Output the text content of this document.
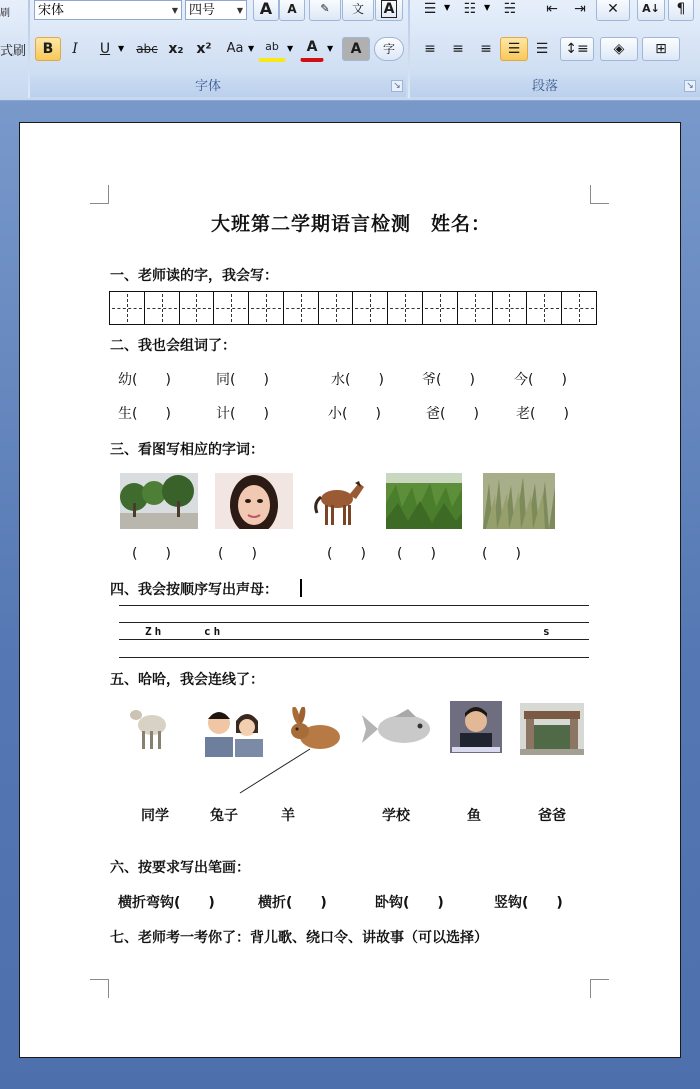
刷
式刷
宋体	▼ 四号	▼	A	A	✎	文	A
B	I	U ▼	abc x₂ x²	Aa ▼ ab	▼ A	▼	A	字
字体	↘
☰ ▼ ☷ ▼ ☵	⇤	⇥	✕	A↓	¶
≡	≡	≡	☰	☰	↕≡	◈	⊞
段落	↘
大班第二学期语言检测　姓名：
一、老师读的字，我会写：
二、我也会组词了：
幼(　　)	同(　　)	水(　　)	爷(　　)	今(　　)
生(　　)	计(　　)	小(　　)	爸(　　)	老(　　)
三、看图写相应的字词：
(　　)	(　　)	(　　) (　　)	(　　)
四、我会按顺序写出声母：
Zh	ch	s
五、哈哈，我会连线了：
同学	兔子	羊	学校	鱼	爸爸
六、按要求写出笔画：
横折弯钩(　　)	横折(　　)	卧钩(　　)	竖钩(　　)
七、老师考一考你了：背儿歌、绕口令、讲故事（可以选择）
